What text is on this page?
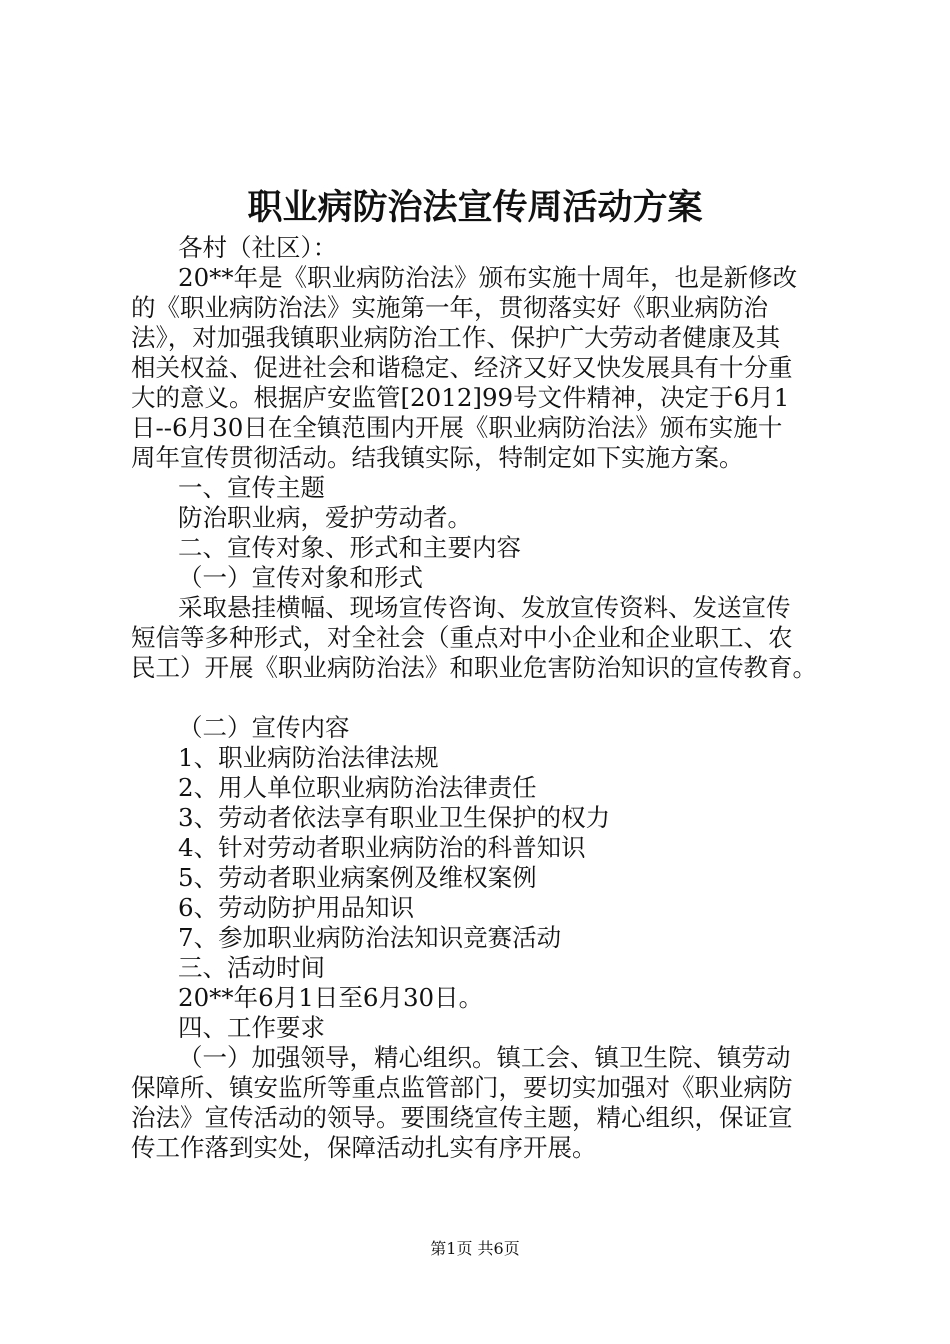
职业病防治法宣传周活动方案
各村（社区）：
20**年是《职业病防治法》颁布实施十周年，也是新修改
的《职业病防治法》实施第一年，贯彻落实好《职业病防治
法》，对加强我镇职业病防治工作、保护广大劳动者健康及其
相关权益、促进社会和谐稳定、经济又好又快发展具有十分重
大的意义。根据庐安监管[2012]99号文件精神，决定于6月1
日--6月30日在全镇范围内开展《职业病防治法》颁布实施十
周年宣传贯彻活动。结我镇实际，特制定如下实施方案。
一、宣传主题
防治职业病，爱护劳动者。
二、宣传对象、形式和主要内容
（一）宣传对象和形式
采取悬挂横幅、现场宣传咨询、发放宣传资料、发送宣传
短信等多种形式，对全社会（重点对中小企业和企业职工、农
民工）开展《职业病防治法》和职业危害防治知识的宣传教育。
（二）宣传内容
1、职业病防治法律法规
2、用人单位职业病防治法律责任
3、劳动者依法享有职业卫生保护的权力
4、针对劳动者职业病防治的科普知识
5、劳动者职业病案例及维权案例
6、劳动防护用品知识
7、参加职业病防治法知识竞赛活动
三、活动时间
20**年6月1日至6月30日。
四、工作要求
（一）加强领导，精心组织。镇工会、镇卫生院、镇劳动
保障所、镇安监所等重点监管部门，要切实加强对《职业病防
治法》宣传活动的领导。要围绕宣传主题，精心组织，保证宣
传工作落到实处，保障活动扎实有序开展。
第1页 共6页
